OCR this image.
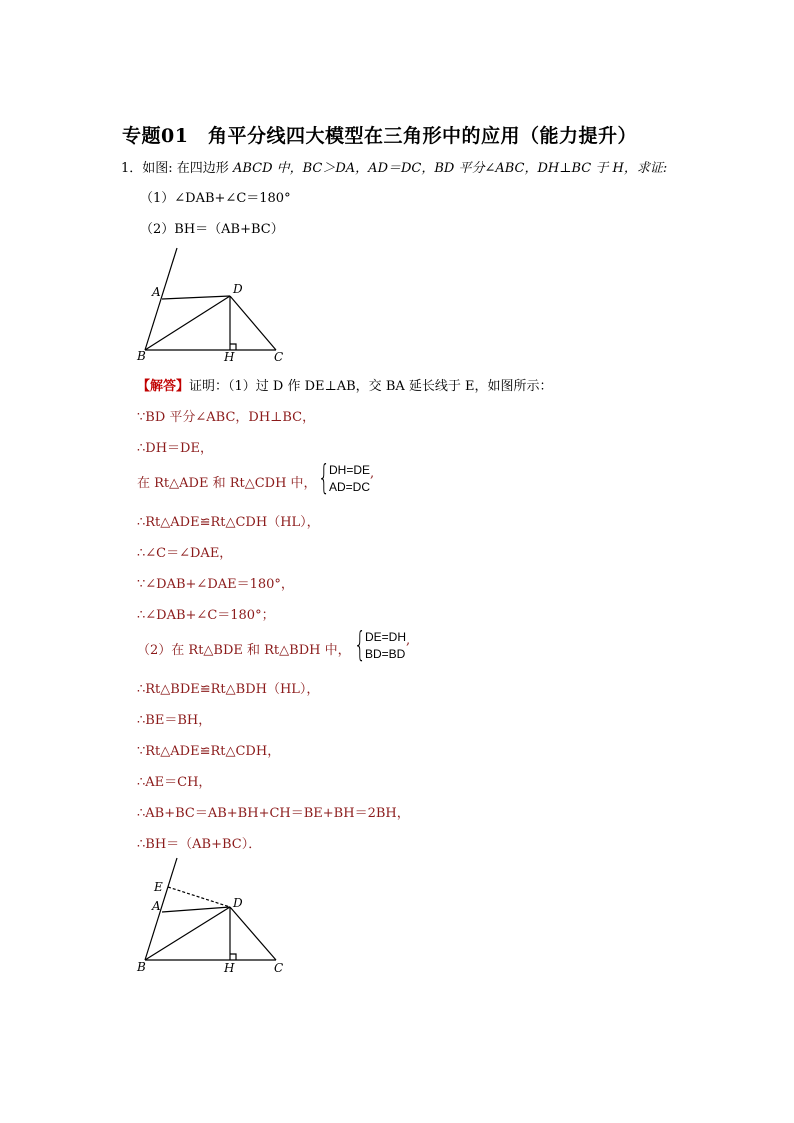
专题01　角平分线四大模型在三角形中的应用（能力提升）
1．如图: 在四边形 ABCD 中，BC＞DA，AD＝DC，BD 平分∠ABC，DH⊥BC 于 H，求证:
（1）∠DAB+∠C＝180°
（2）BH＝（AB+BC）
A	D
B	H	C
【解答】证明：（1）过 D 作 DE⊥AB，交 BA 延长线于 E，如图所示：
∵BD 平分∠ABC，DH⊥BC，
∴DH＝DE，
在 Rt△ADE 和 Rt△CDH 中， { DH=DE
AD=DC
,
∴Rt△ADE≌Rt△CDH（HL），
∴∠C＝∠DAE，
∵∠DAB+∠DAE＝180°，
∴∠DAB+∠C＝180°；
（2）在 Rt△BDE 和 Rt△BDH 中， { DE=DH
BD=BD
,
∴Rt△BDE≌Rt△BDH（HL），
∴BE＝BH，
∵Rt△ADE≌Rt△CDH，
∴AE＝CH，
∴AB+BC＝AB+BH+CH＝BE+BH＝2BH，
∴BH＝（AB+BC）．
E
A	D
B	H	C
